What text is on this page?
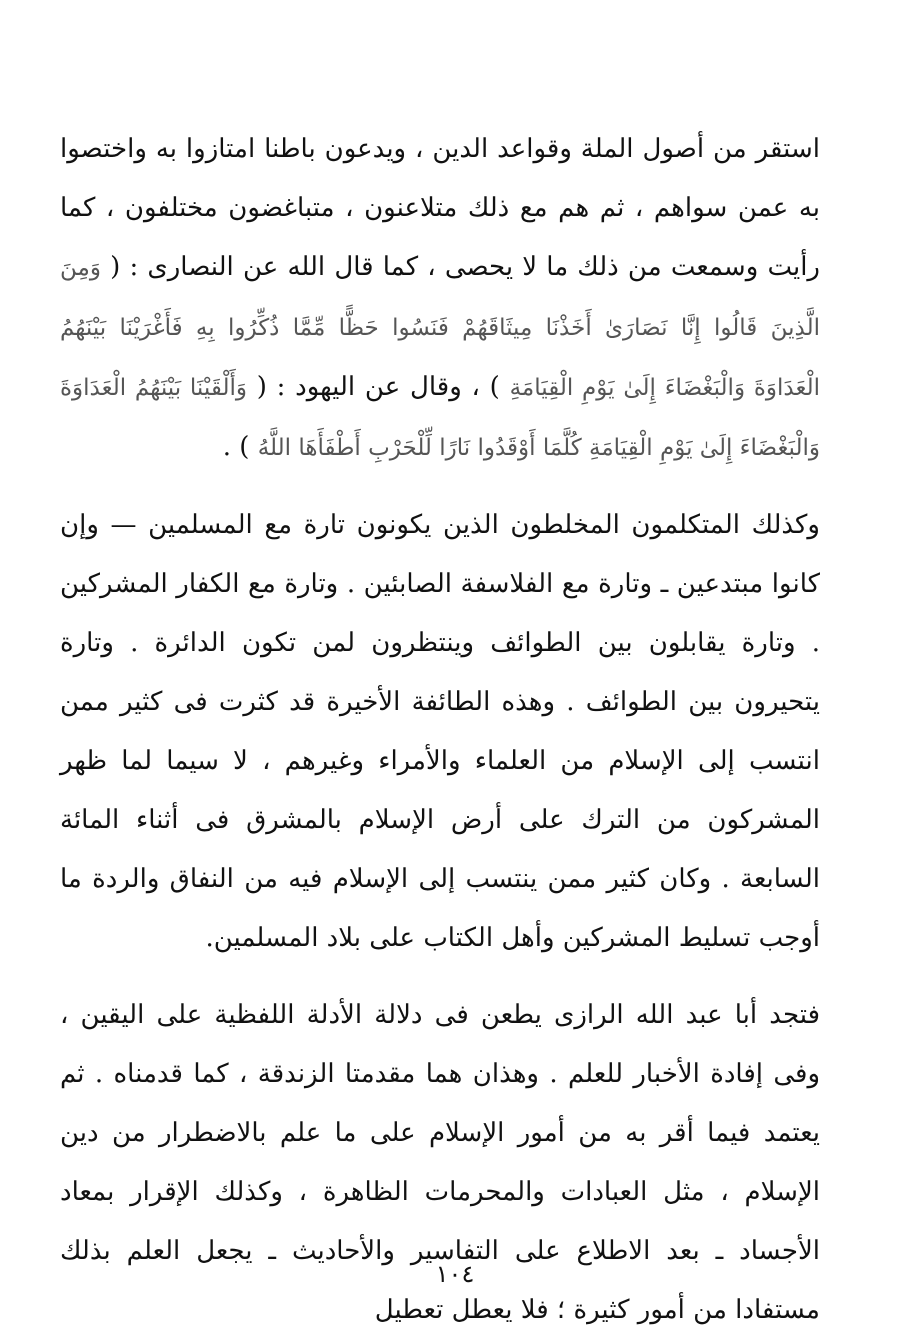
استقر من أصول الملة وقواعد الدين ، ويدعون باطنا امتازوا به واختصوا به عمن سواهم ، ثم هم مع ذلك متلاعنون ، متباغضون مختلفون ، كما رأيت وسمعت من ذلك ما لا يحصى ، كما قال الله عن النصارى : ( وَمِنَ الَّذِينَ قَالُوا إِنَّا نَصَارَىٰ أَخَذْنَا مِيثَاقَهُمْ فَنَسُوا حَظًّا مِّمَّا ذُكِّرُوا بِهِ فَأَغْرَيْنَا بَيْنَهُمُ الْعَدَاوَةَ وَالْبَغْضَاءَ إِلَىٰ يَوْمِ الْقِيَامَةِ ) ، وقال عن اليهود : ( وَأَلْقَيْنَا بَيْنَهُمُ الْعَدَاوَةَ وَالْبَغْضَاءَ إِلَىٰ يَوْمِ الْقِيَامَةِ كُلَّمَا أَوْقَدُوا نَارًا لِّلْحَرْبِ أَطْفَأَهَا اللَّهُ ) .

وكذلك المتكلمون المخلطون الذين يكونون تارة مع المسلمين — وإن كانوا مبتدعين ـ وتارة مع الفلاسفة الصابئين . وتارة مع الكفار المشركين . وتارة يقابلون بين الطوائف وينتظرون لمن تكون الدائرة . وتارة يتحيرون بين الطوائف . وهذه الطائفة الأخيرة قد كثرت فى كثير ممن انتسب إلى الإسلام من العلماء والأمراء وغيرهم ، لا سيما لما ظهر المشركون من الترك على أرض الإسلام بالمشرق فى أثناء المائة السابعة . وكان كثير ممن ينتسب إلى الإسلام فيه من النفاق والردة ما أوجب تسليط المشركين وأهل الكتاب على بلاد المسلمين.

فتجد أبا عبد الله الرازى يطعن فى دلالة الأدلة اللفظية على اليقين ، وفى إفادة الأخبار للعلم . وهذان هما مقدمتا الزندقة ، كما قدمناه . ثم يعتمد فيما أقر به من أمور الإسلام على ما علم بالاضطرار من دين الإسلام ، مثل العبادات والمحرمات الظاهرة ، وكذلك الإقرار بمعاد الأجساد ـ بعد الاطلاع على التفاسير والأحاديث ـ يجعل العلم بذلك مستفادا من أمور كثيرة ؛ فلا يعطل تعطيل

١٠٤
